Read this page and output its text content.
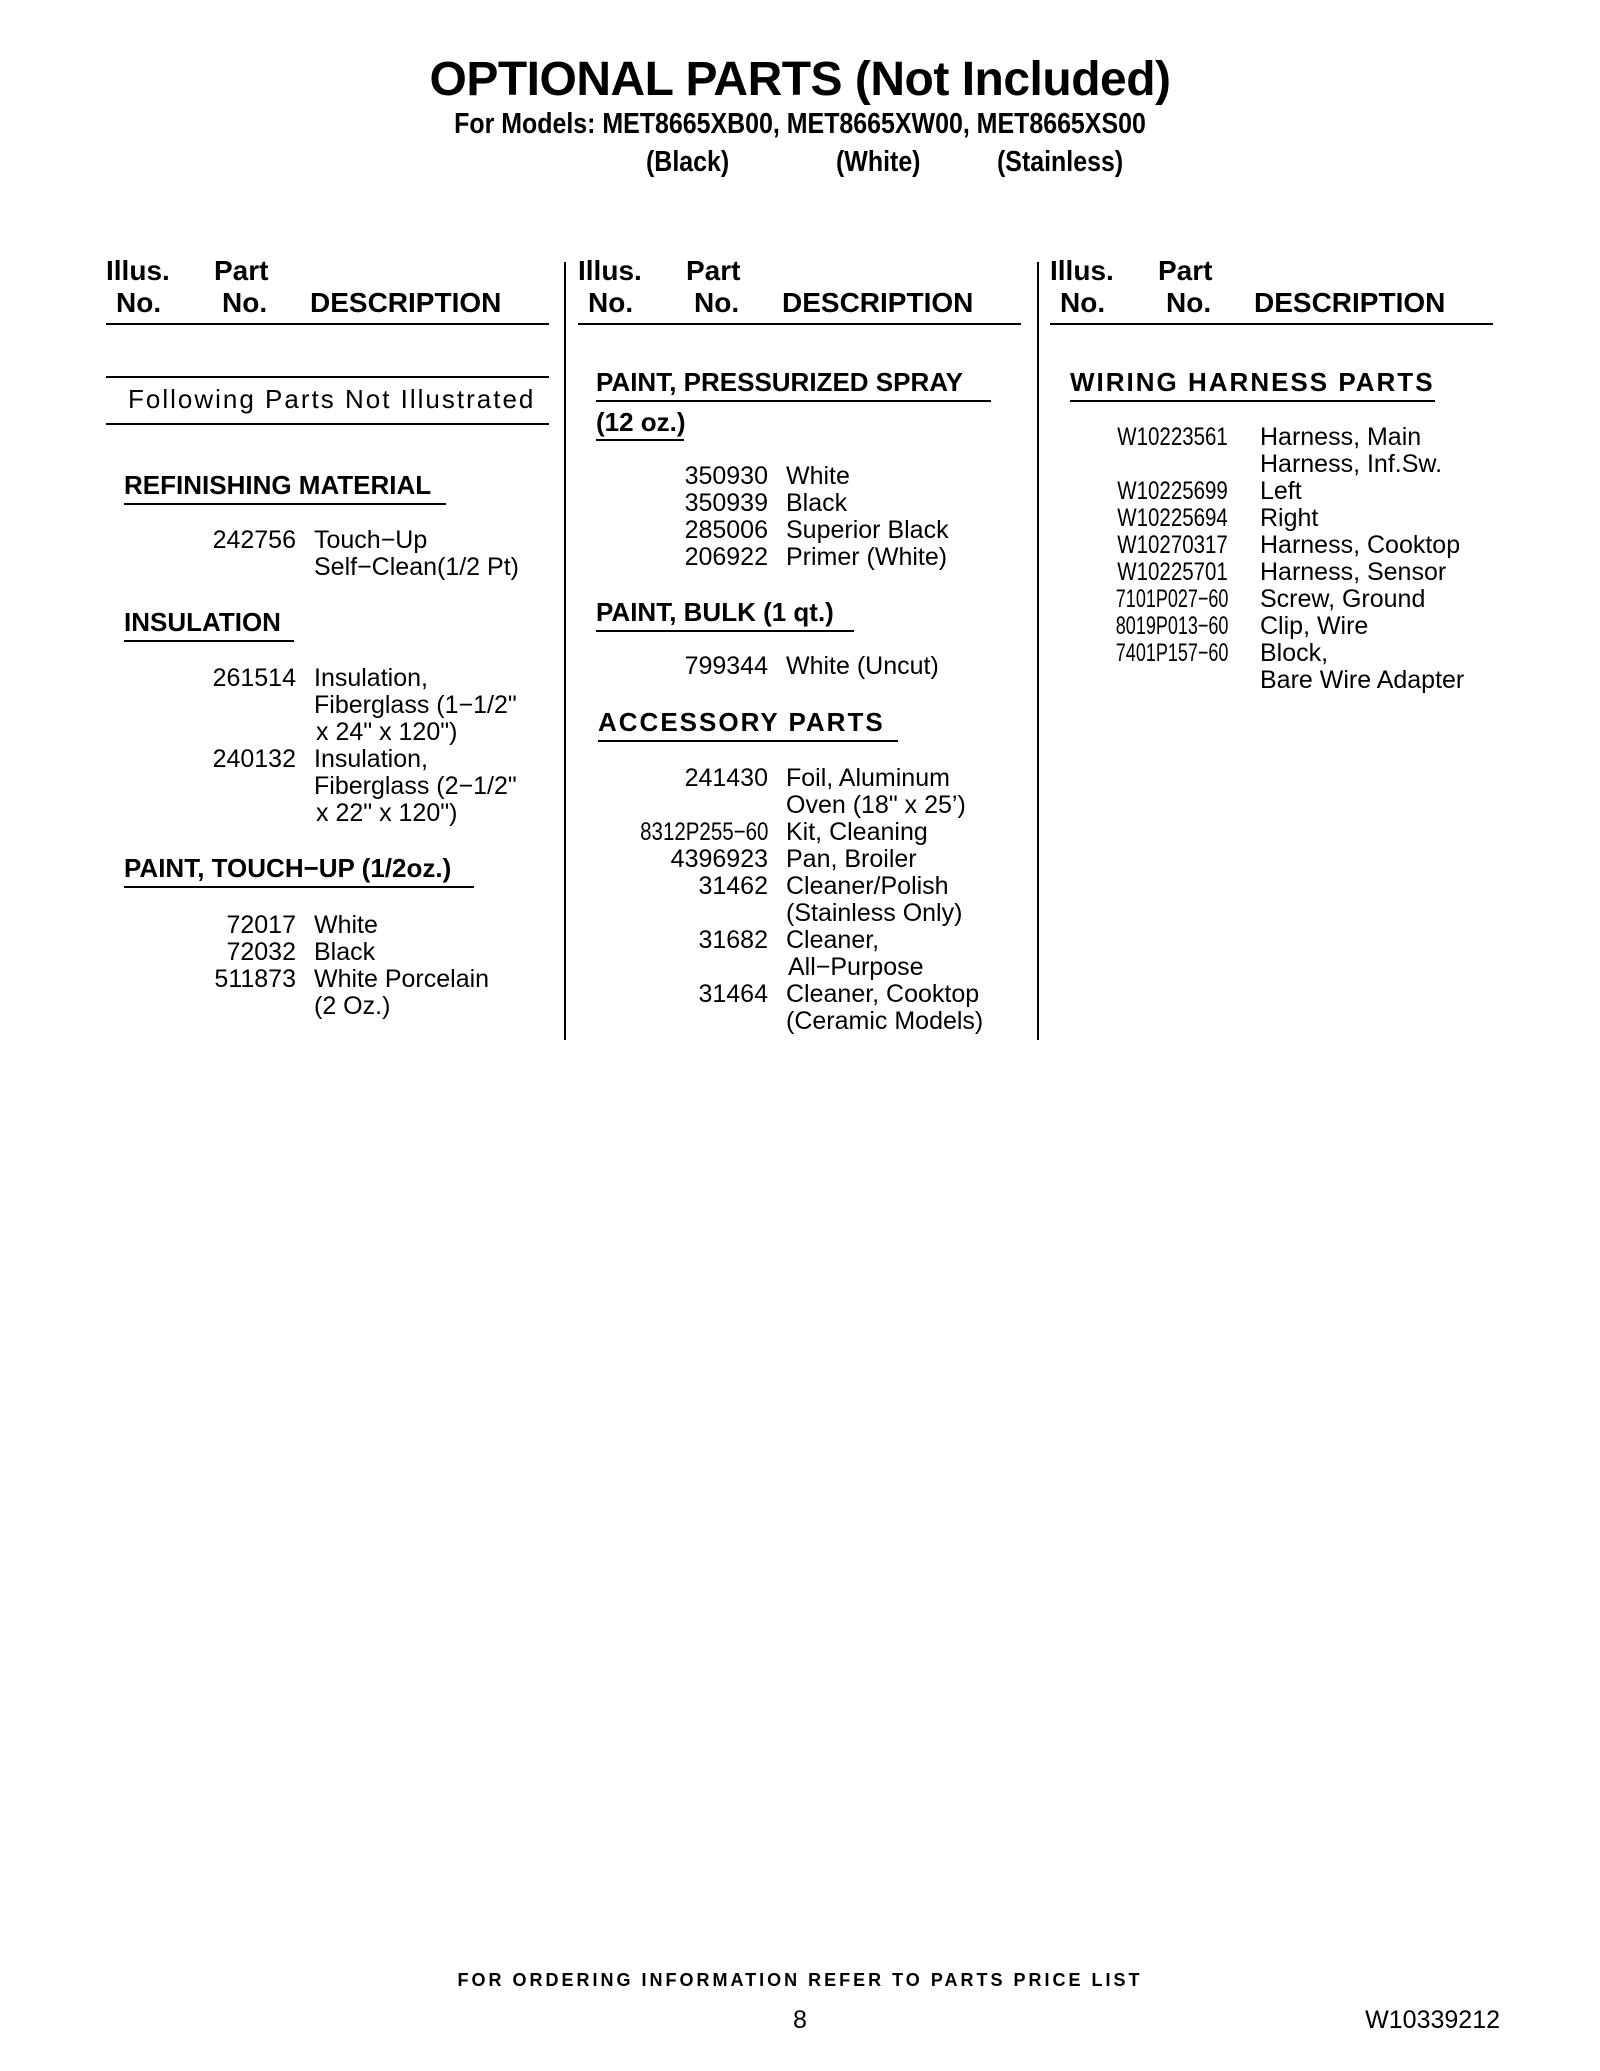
OPTIONAL PARTS (Not Included)
For Models: MET8665XB00, MET8665XW00, MET8665XS00
(Black)	(White)	(Stainless)
Illus.
No.
Part
No. DESCRIPTION
Following Parts Not Illustrated
REFINISHING MATERIAL
242756 Touch−Up
Self−Clean(1/2 Pt)
INSULATION
261514 Insulation,
Fiberglass (1−1/2"
x 24" x 120")
240132 Insulation,
Fiberglass (2−1/2"
x 22" x 120")
PAINT, TOUCH−UP (1/2oz.)
72017 White
72032 Black
511873 White Porcelain
(2 Oz.)
Illus.
No.
Part
No. DESCRIPTION
PAINT, PRESSURIZED SPRAY
(12 oz.)
350930 White
350939 Black
285006 Superior Black
206922 Primer (White)
PAINT, BULK (1 qt.)
799344 White (Uncut)
ACCESSORY PARTS
241430 Foil, Aluminum
Oven (18" x 25’)
8312P255−60 Kit, Cleaning
4396923 Pan, Broiler
31462 Cleaner/Polish
(Stainless Only)
31682 Cleaner,
All−Purpose
31464 Cleaner, Cooktop
(Ceramic Models)
Illus.
No.
Part
No. DESCRIPTION
WIRING HARNESS PARTS
W10223561 Harness, Main
Harness, Inf.Sw.
W10225699 Left
W10225694 Right
W10270317 Harness, Cooktop
W10225701 Harness, Sensor
7101P027−60 Screw, Ground
8019P013−60 Clip, Wire
7401P157−60 Block,
Bare Wire Adapter
FOR ORDERING INFORMATION REFER TO PARTS PRICE LIST
8	W10339212
